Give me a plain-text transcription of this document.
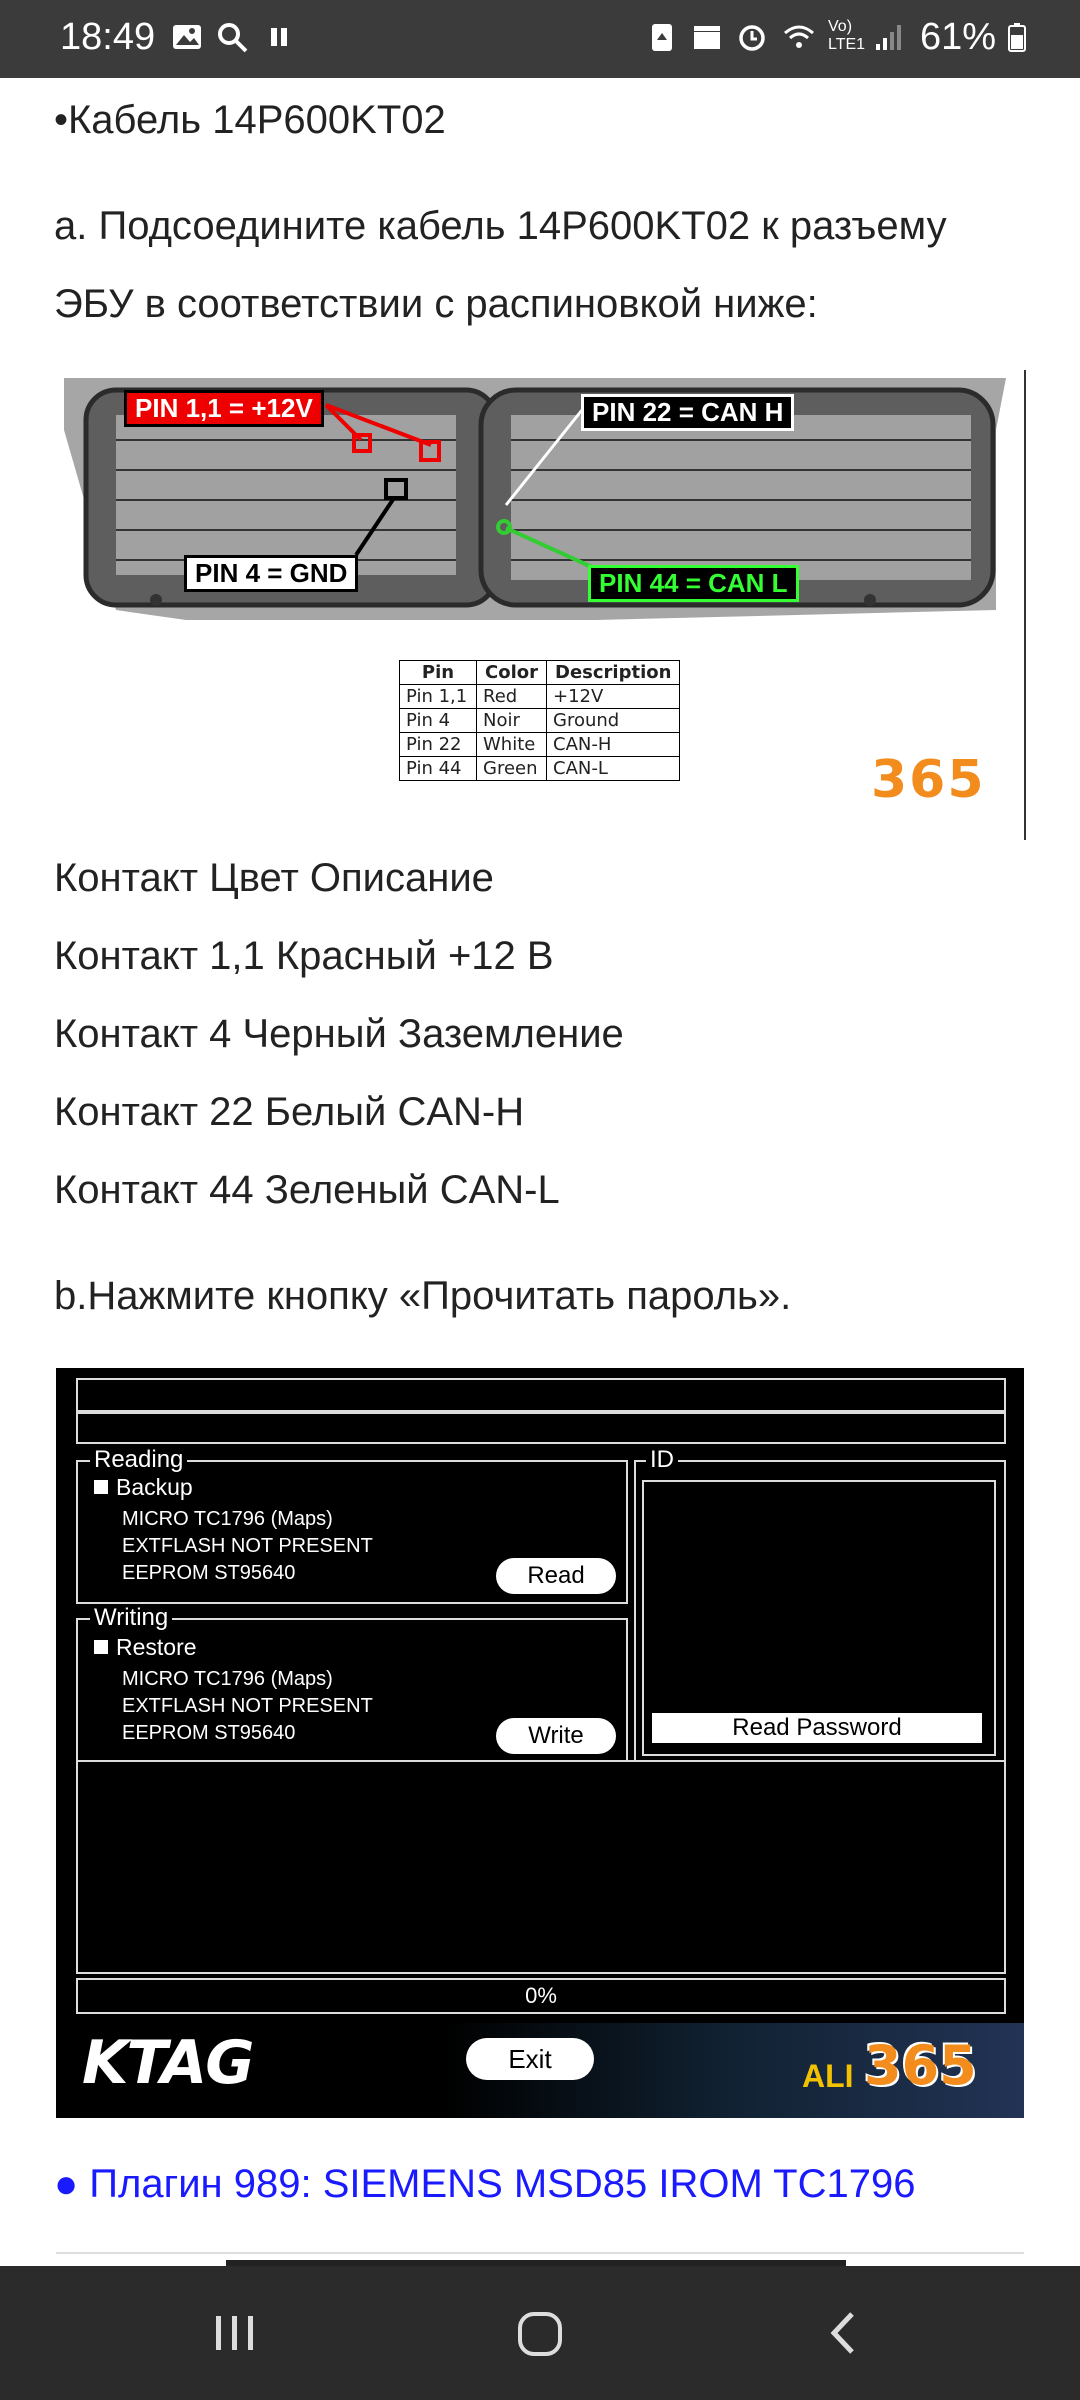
18:49	Vo) LTE1 61%
•Кабель 14P600KT02
a. Подсоедините кабель 14P600KT02 к разъему
ЭБУ в соответствии с распиновкой ниже:
PIN 1,1 = +12V	PIN 22 = CAN H
PIN 4 = GND	PIN 44 = CAN L
Pin	Color	Description
Pin 1,1	Red	+12V
Pin 4	Noir	Ground
Pin 22	White	CAN-H
Pin 44	Green	CAN-L	365
Контакт Цвет Описание
Контакт 1,1 Красный +12 В
Контакт 4 Черный Заземление
Контакт 22 Белый CAN-H
Контакт 44 Зеленый CAN-L
b.Нажмите кнопку «Прочитать пароль».
Reading
Backup
MICRO TC1796 (Maps)
EXTFLASH NOT PRESENT
EEPROM ST95640	Read
Writing
Restore
MICRO TC1796 (Maps)
EXTFLASH NOT PRESENT
EEPROM ST95640	Write
ID
Read Password
0%
KTAG	Exit	ALI 365
● Плагин 989: SIEMENS MSD85 IROM TC1796
